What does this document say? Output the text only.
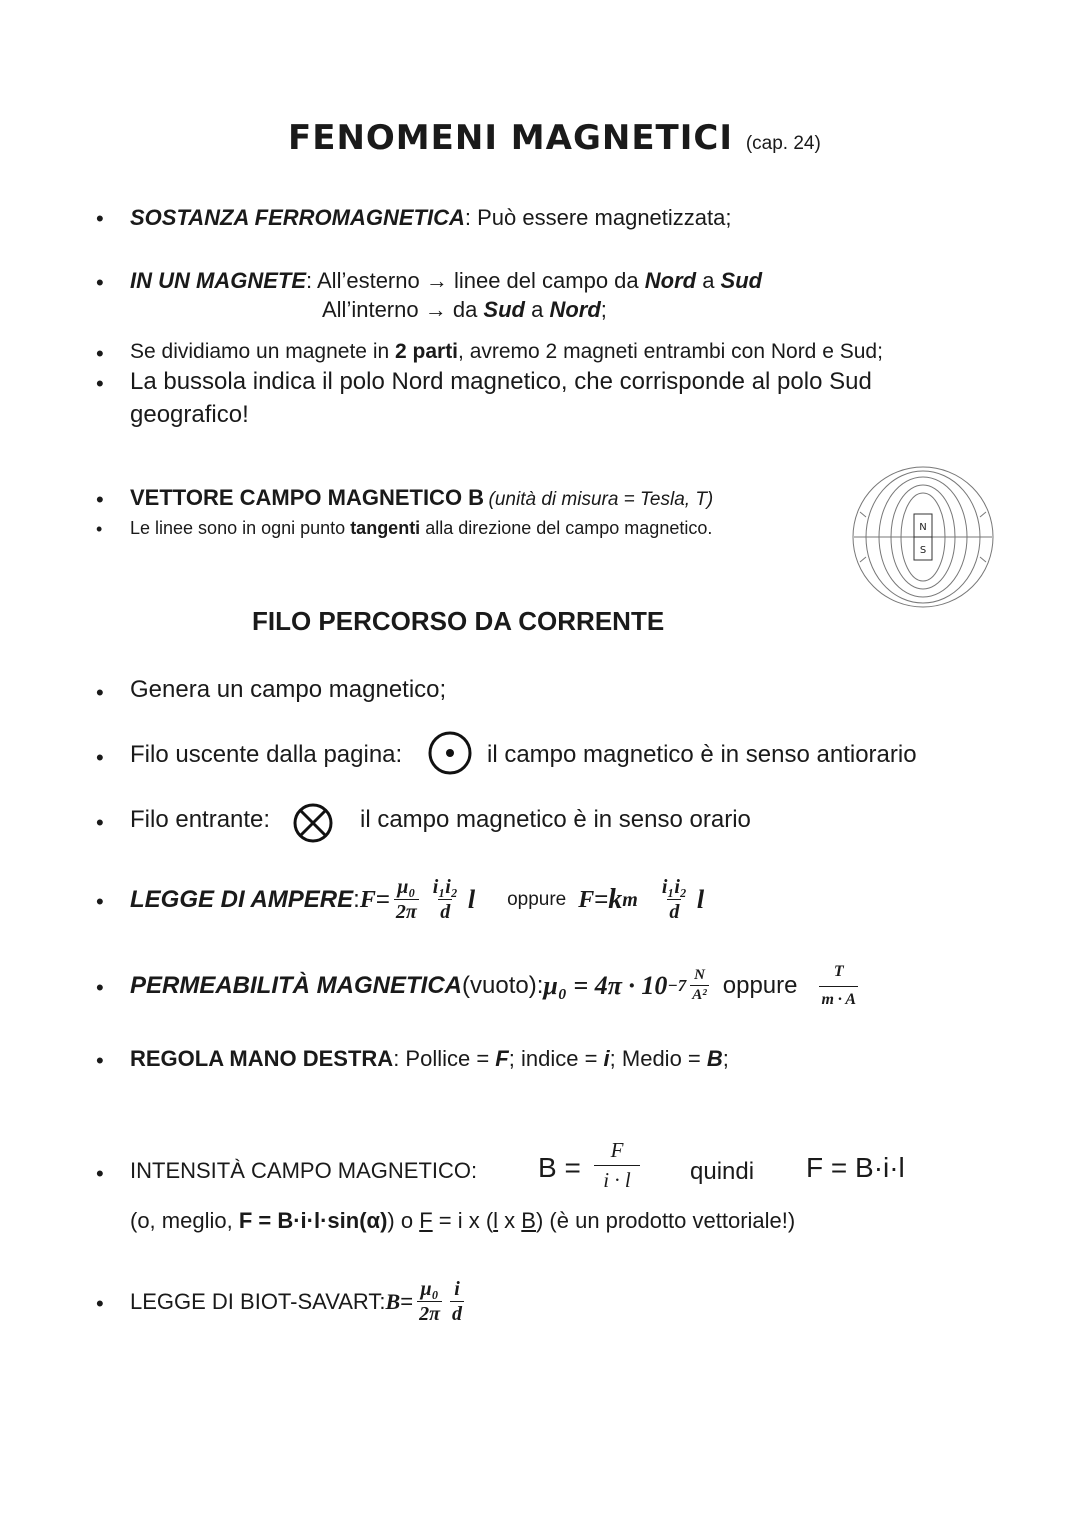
FENOMENI MAGNETICI (cap. 24)
• SOSTANZA FERROMAGNETICA: Può essere magnetizzata;
• IN UN MAGNETE: All’esterno → linee del campo da Nord a Sud
All’interno → da Sud a Nord;
• Se dividiamo un magnete in 2 parti, avremo 2 magneti entrambi con Nord e Sud;
• La bussola indica il polo Nord magnetico, che corrisponde al polo Sud
geografico!
• VETTORE CAMPO MAGNETICO B (unità di misura = Tesla, T)
• Le linee sono in ogni punto tangenti alla direzione del campo magnetico.	N
S
FILO PERCORSO DA CORRENTE
• Genera un campo magnetico;
• Filo uscente dalla pagina:	il campo magnetico è in senso antiorario
• Filo entrante:	il campo magnetico è in senso orario
• LEGGE DI AMPERE : $F = \frac{\text{μ₀}}{2\pi} \frac{\text{i₁i₂}}{d}$ l oppure F = k m $\frac{\text{i₁i₂}}{d}$ l
• PERMEABILITÀ MAGNETICA (vuoto): $\mu_0 = 4\pi \cdot 10 -7 \frac{N}{\text{A²}}$ oppure $\frac{T}{m \cdot A}$
• REGOLA MANO DESTRA: Pollice = F; indice = i; Medio = B;
• INTENSITÀ CAMPO MAGNETICO: $B = \frac{F}{i \cdot l}$ quindi F = B·i·l
(o, meglio, F = B·i·l·sin(α)) o F = i x (l x B) (è un prodotto vettoriale!)
• LEGGE DI BIOT-SAVART: $B = \frac{\text{μ₀}}{2\pi} \frac{i}{d}$
